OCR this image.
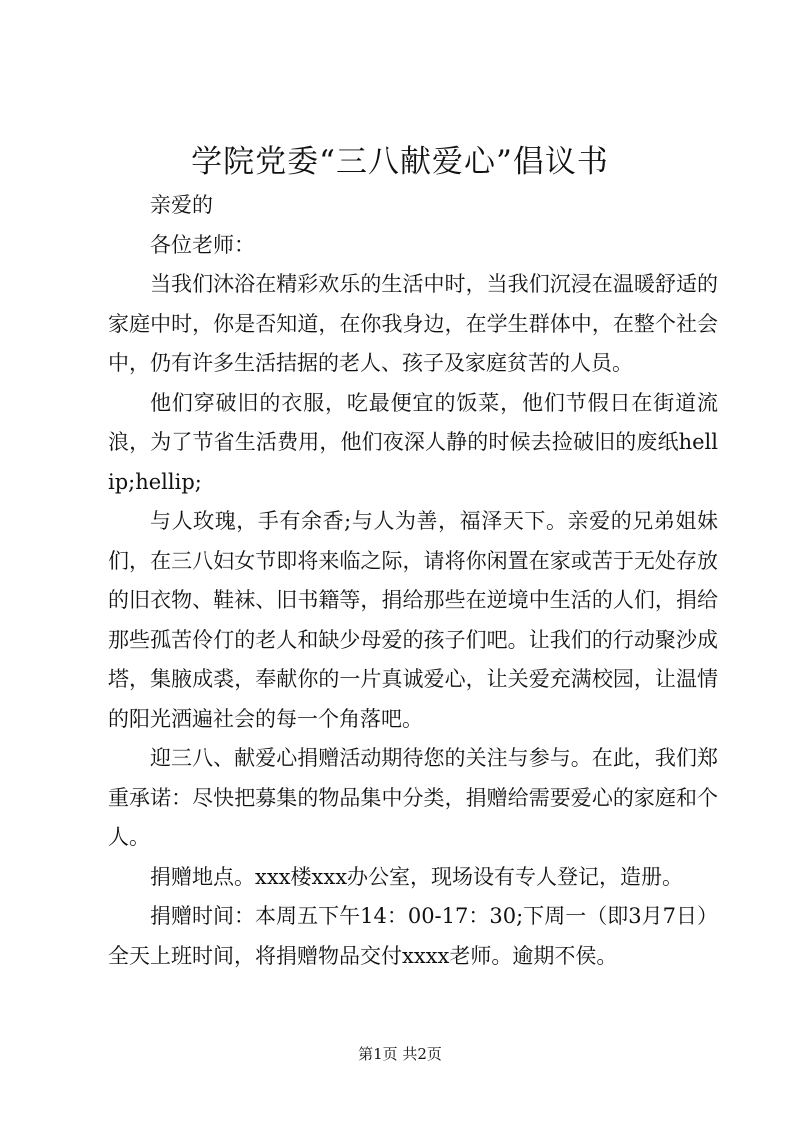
学院党委“三八献爱心”倡议书

亲爱的

各位老师：

当我们沐浴在精彩欢乐的生活中时，当我们沉浸在温暖舒适的家庭中时，你是否知道，在你我身边，在学生群体中，在整个社会中，仍有许多生活拮据的老人、孩子及家庭贫苦的人员。

他们穿破旧的衣服，吃最便宜的饭菜，他们节假日在街道流浪，为了节省生活费用，他们夜深人静的时候去捡破旧的废纸hellip;hellip;

与人玫瑰，手有余香;与人为善，福泽天下。亲爱的兄弟姐妹们，在三八妇女节即将来临之际，请将你闲置在家或苦于无处存放的旧衣物、鞋袜、旧书籍等，捐给那些在逆境中生活的人们，捐给那些孤苦伶仃的老人和缺少母爱的孩子们吧。让我们的行动聚沙成塔，集腋成裘，奉献你的一片真诚爱心，让关爱充满校园，让温情的阳光洒遍社会的每一个角落吧。

迎三八、献爱心捐赠活动期待您的关注与参与。在此，我们郑重承诺：尽快把募集的物品集中分类，捐赠给需要爱心的家庭和个人。

捐赠地点。xxx楼xxx办公室，现场设有专人登记，造册。

捐赠时间：本周五下午14：00-17：30;下周一（即3月7日）全天上班时间，将捐赠物品交付xxxx老师。逾期不侯。

第1页 共2页
